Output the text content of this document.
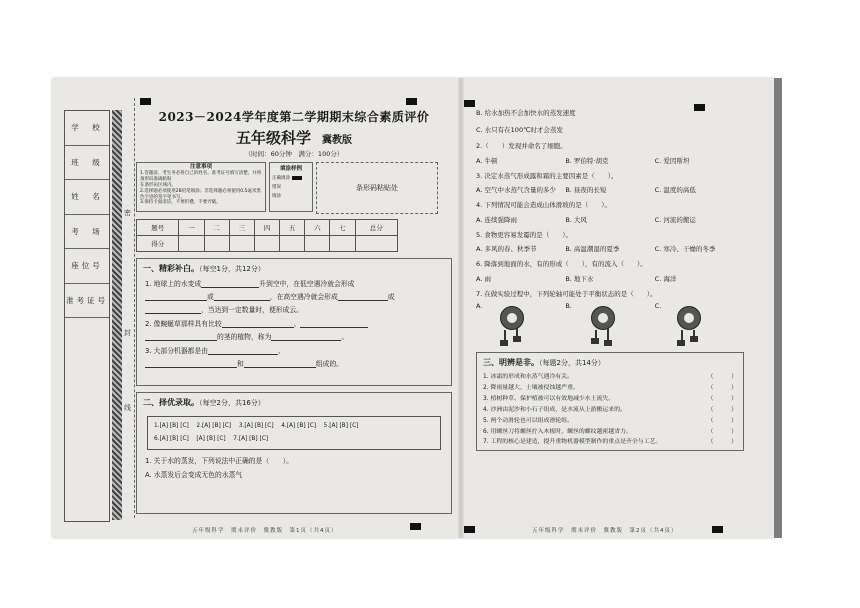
学　校
班　级
姓　名
考　场
座位号
准考证号
密
封
线
2023－2024学年度第二学期期末综合素质评价
五年级科学 冀教版
（时间：60分钟　满分：100分）
注意事项
1.答题前，考生务必将自己的姓名、准考证号填写清楚，并将条形码准确粘贴
在条形码区域内。
2.选择题必须使用2B铅笔填涂；非选择题必须使用0.5毫米黑色字迹的签字笔书写。
3.保持卡面清洁，不要折叠、不要弄破。
填涂样例
正确填涂
错误
填涂
条形码粘贴处
题号	一	二	三	四	五	六	七	总分
得分								
一、精彩补白。（每空1分，共12分）
1. 地球上的水变成	升到空中，在低空遇冷就会形成
或	，在高空遇冷就会形成	或
，当达到一定数量时，便形成云。
2. 像蜿蜒草那样具有比较	、
的茎的植物，称为	。
3. 大部分机器都是由	、
和	组成的。
二、择优录取。（每空2分，共16分）
1.[A] [B] [C]　 2.[A] [B] [C]　 3.[A] [B] [C]　 4.[A] [B] [C]　 5.[A] [B] [C]
6.[A] [B] [C]　 [A] [B] [C]　 7.[A] [B] [C]
1. 关于水的蒸发，下列说法中正确的是（　　）。
A. 水蒸发后会变成无色的水蒸气
五年级科学　期末评价　冀教版　第1页（共4页）
B. 给水加热不会加快水的蒸发速度
C. 水只有在100℃时才会蒸发
2.（　　）发现并命名了细胞。
A. 牛顿	B. 罗伯特·胡克	C. 爱因斯坦
3. 决定水蒸气形成露和霜的主要因素是（　　）。
A. 空气中水蒸气含量的多少	B. 昼夜的长短	C. 温度的高低
4. 下列情况可能会造成山体滑坡的是（　　）。
A. 连续强降雨	B. 大风	C. 河流的搬运
5. 食物更容易发霉的是（　　）。
A. 多风的春、秋季节	B. 高温潮湿的夏季	C. 寒冷、干燥的冬季
6. 降落到地面的水，有的形成（　　），有的流入（　　）。
A. 雨	B. 地下水	C. 海洋
7. 在做实验过程中，下列轮轴可能处于平衡状态的是（　　）。
A.	B.	C.
三、明辨是非。（每题2分，共14分）
1. 冰霜的形成和水蒸气遇冷有关。	（　　　）
2. 降雨量越大，土壤被侵蚀越严重。	（　　　）
3. 植树种草、保护植被可以有效地减少水土流失。	（　　　）
4. 沙洲由泥沙和小石子组成，是水流从上游搬运来的。	（　　　）
5. 两个动滑轮也可以组成滑轮组。	（　　　）
6. 用螺丝刀将螺丝拧入木板时，螺丝的螺纹越密越省力。	（　　　）
7. 工程的核心是建造，提升重物机器模型制作的重点是齐全与工艺。	（　　　）
五年级科学　期末评价　冀教版　第2页（共4页）
